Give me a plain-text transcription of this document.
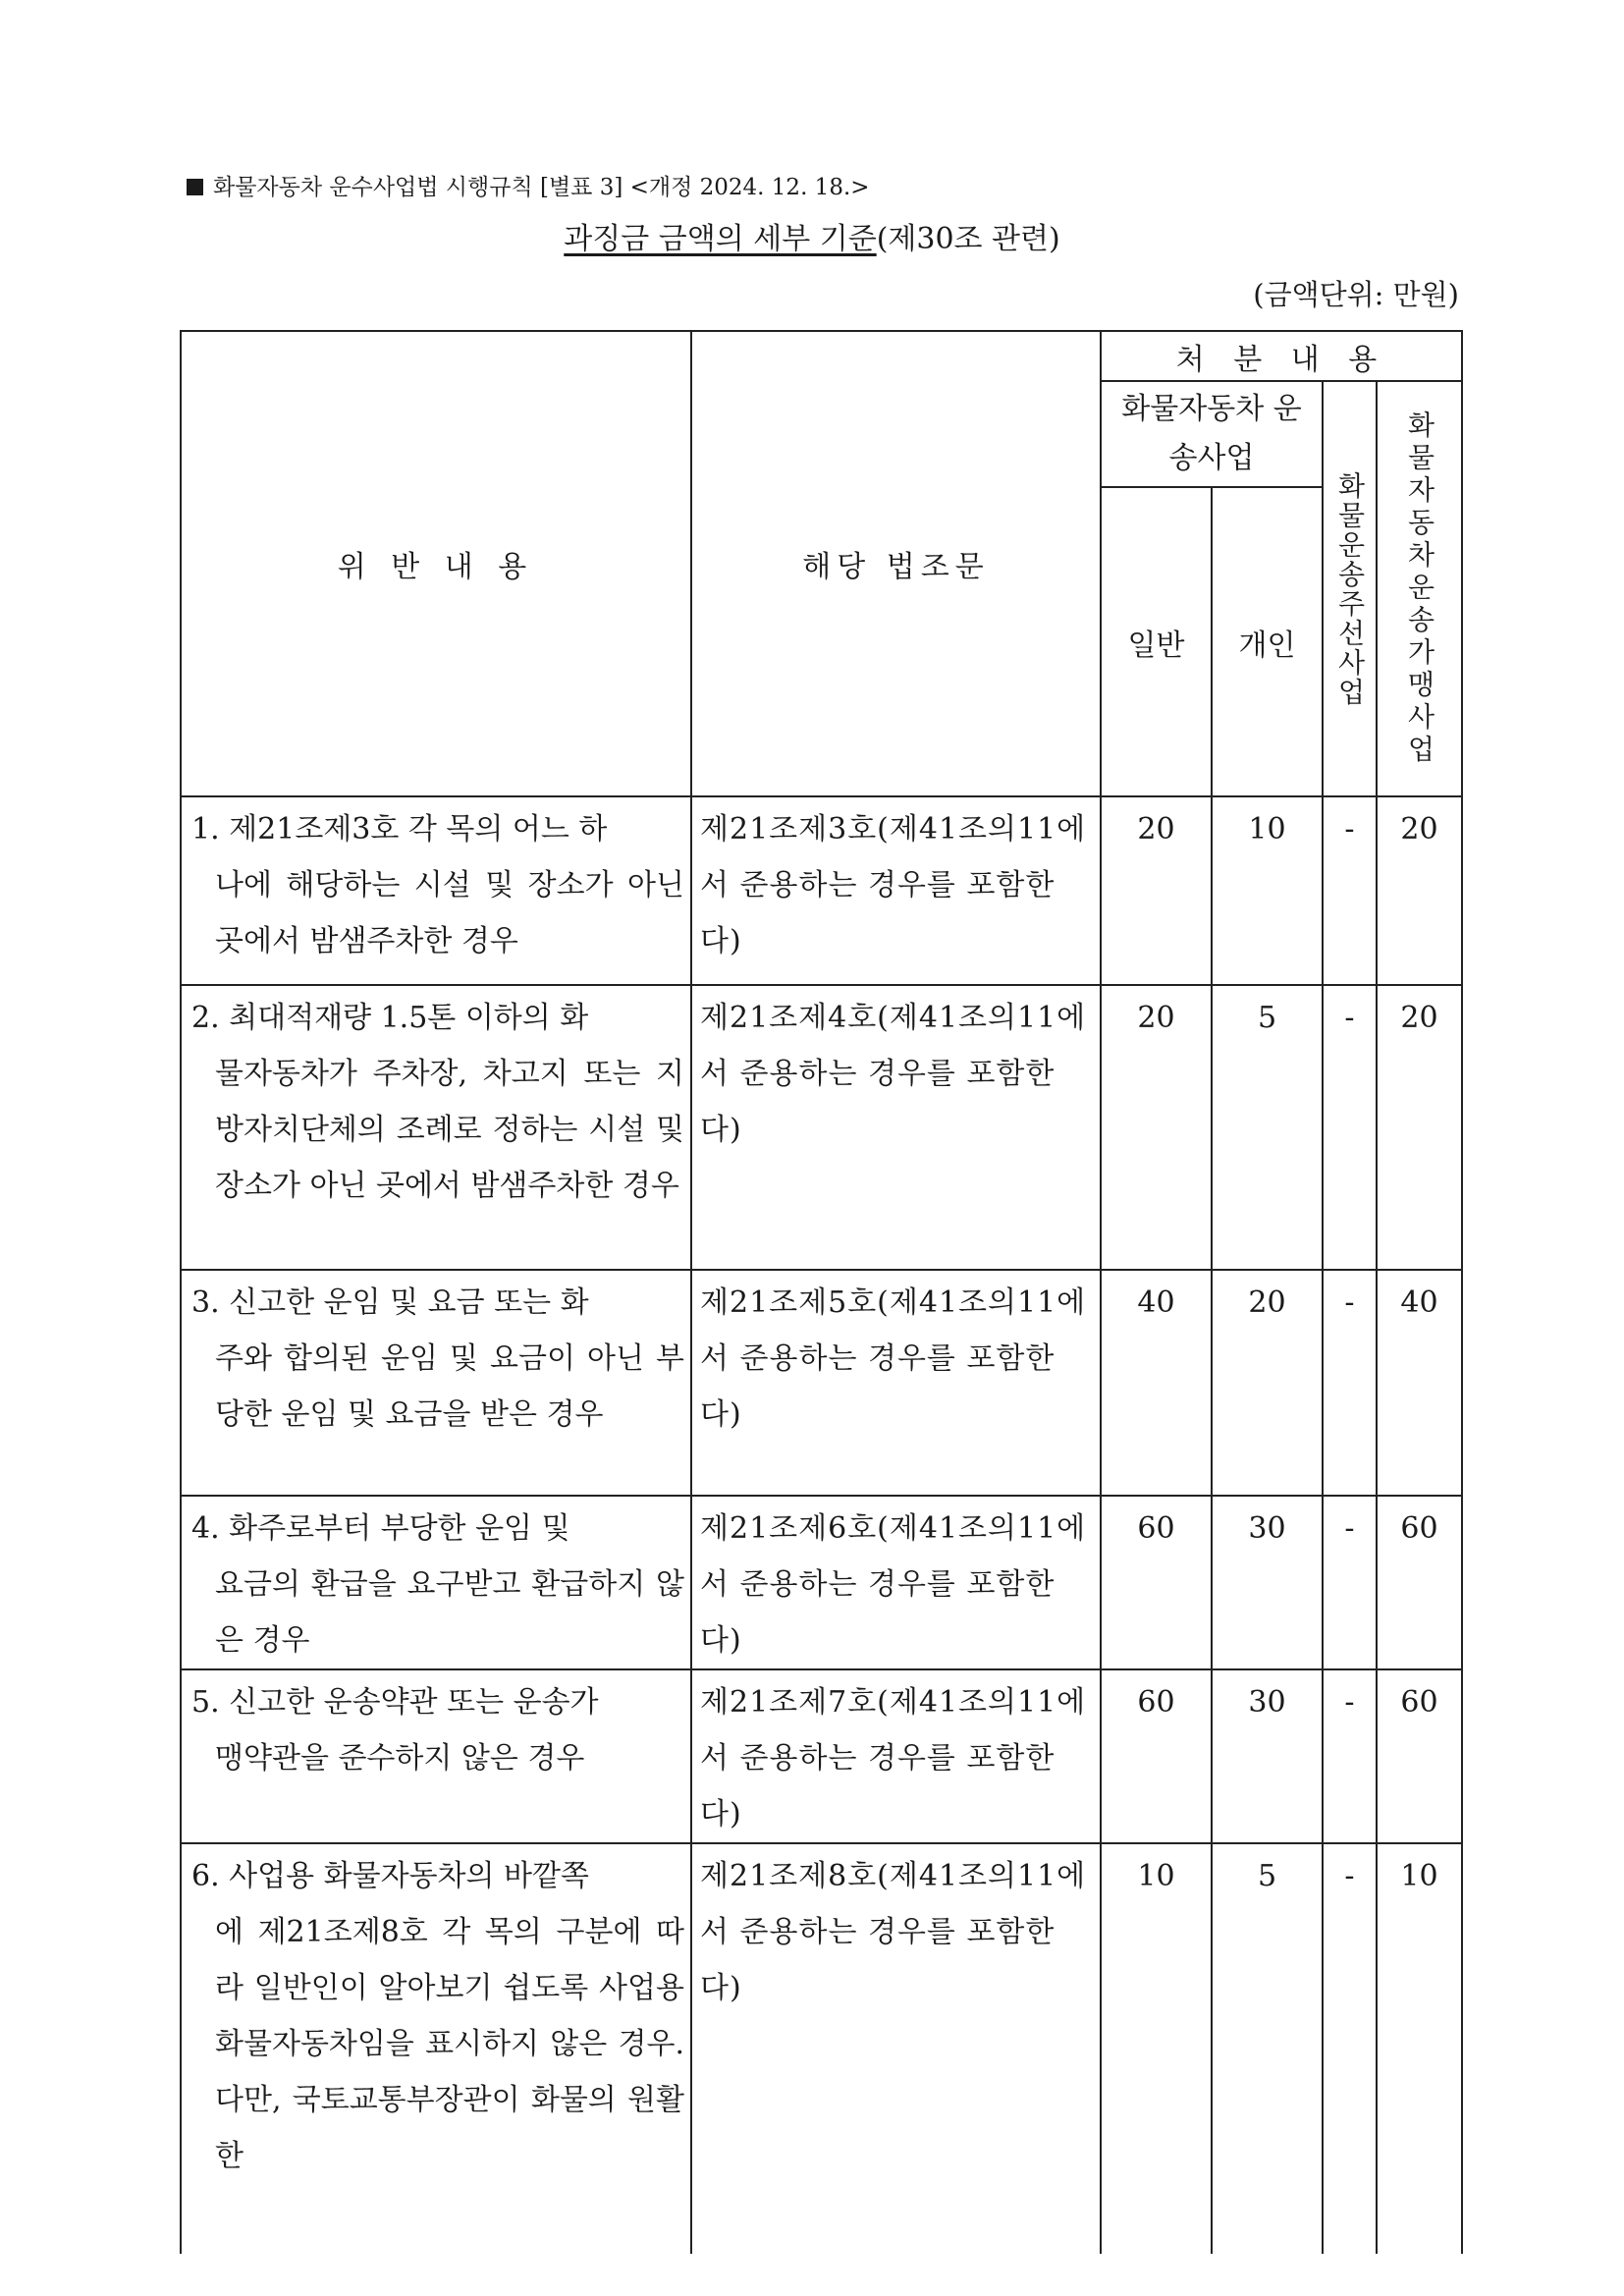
화물자동차 운수사업법 시행규칙 [별표 3] <개정 2024. 12. 18.>
과징금 금액의 세부 기준(제30조 관련)
(금액단위: 만원)
위 반 내 용	해당 법조문	처 분 내 용			
		화물자동차 운송사업		화물운송주선사업	화물자동차운송가맹사업

		일반	개인		
1. 제21조제3호 각 목의 어느 하
나에 해당하는 시설 및 장소가 아닌 곳에서 밤샘주차한 경우	제21조제3호(제41조의11에서 준용하는 경우를 포함한다)	20	10	-	20
2. 최대적재량 1.5톤 이하의 화
물자동차가 주차장, 차고지 또는 지방자치단체의 조례로 정하는 시설 및 장소가 아닌 곳에서 밤샘주차한 경우	제21조제4호(제41조의11에서 준용하는 경우를 포함한다)	20	5	-	20
3. 신고한 운임 및 요금 또는 화
주와 합의된 운임 및 요금이 아닌 부당한 운임 및 요금을 받은 경우	제21조제5호(제41조의11에서 준용하는 경우를 포함한다)	40	20	-	40
4. 화주로부터 부당한 운임 및
요금의 환급을 요구받고 환급하지 않은 경우	제21조제6호(제41조의11에서 준용하는 경우를 포함한다)	60	30	-	60
5. 신고한 운송약관 또는 운송가
맹약관을 준수하지 않은 경우	제21조제7호(제41조의11에서 준용하는 경우를 포함한다)	60	30	-	60
6. 사업용 화물자동차의 바깥쪽
에 제21조제8호 각 목의 구분에 따라 일반인이 알아보기 쉽도록 사업용 화물자동차임을 표시하지 않은 경우. 다만, 국토교통부장관이 화물의 원활한	제21조제8호(제41조의11에서 준용하는 경우를 포함한다)	10	5	-	10
